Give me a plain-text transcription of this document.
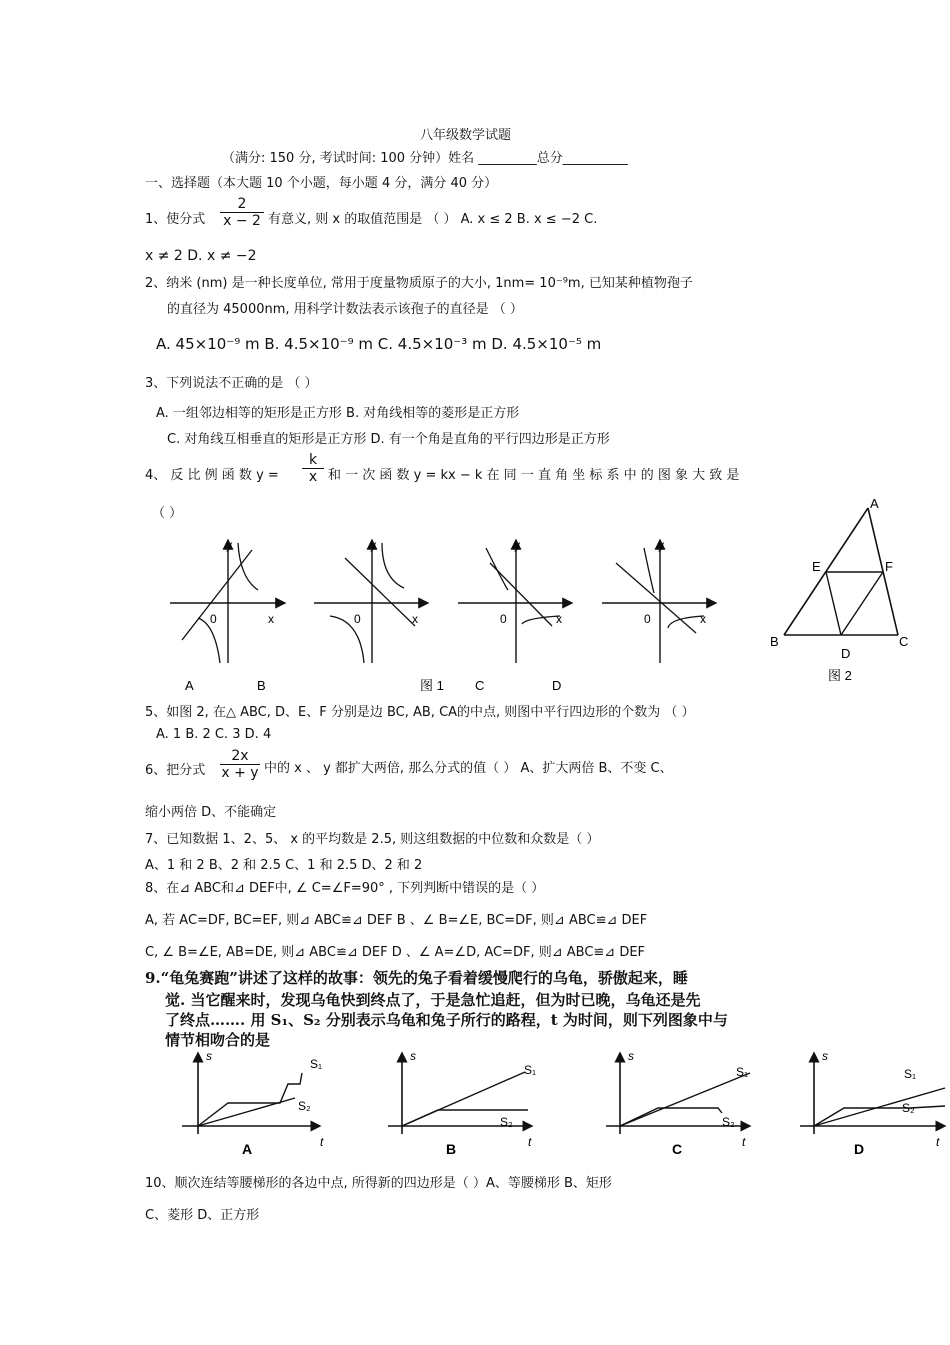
八年级数学试题
（满分: 150 分, 考试时间: 100 分钟）姓名 _________总分__________
一、选择题（本大题 10 个小题，每小题 4 分，满分 40 分）
1、使分式 $\frac{2}{x - 2}$ 有意义, 则 x 的取值范围是 （ ） A. x ≤ 2 B. x ≤ −2 C.
x ≠ 2 D. x ≠ −2
2、纳米 (nm) 是一种长度单位, 常用于度量物质原子的大小, 1nm= 10⁻⁹m, 已知某种植物孢子
的直径为 45000nm, 用科学计数法表示该孢子的直径是 （ ）
A. 45×10⁻⁹ m B. 4.5×10⁻⁹ m C. 4.5×10⁻³ m D. 4.5×10⁻⁵ m
3、下列说法不正确的是 （ ）
A. 一组邻边相等的矩形是正方形 B. 对角线相等的菱形是正方形
C. 对角线互相垂直的矩形是正方形 D. 有一个角是直角的平行四边形是正方形
4、 反 比 例 函 数 $y = \frac{k}{x}$ 和 一 次 函 数 y = kx − k 在 同 一 直 角 坐 标 系 中 的 图 象 大 致 是
（ ）
y
x
0
y
x
0
y
x
0
y
x
0
A	B	图 1 C	D
A
E	F
B
D
C
图 2
5、如图 2, 在△ ABC, D、E、F 分别是边 BC, AB, CA的中点, 则图中平行四边形的个数为 （ ）
A. 1 B. 2 C. 3 D. 4
6、把分式 $\frac{2x}{x + y}$ 中的 x 、 y 都扩大两倍, 那么分式的值（ ） A、扩大两倍 B、不变 C、
缩小两倍 D、不能确定
7、已知数据 1、2、5、 x 的平均数是 2.5, 则这组数据的中位数和众数是（ ）
A、1 和 2 B、2 和 2.5 C、1 和 2.5 D、2 和 2
8、在⊿ ABC和⊿ DEF中, ∠ C=∠F=90° , 下列判断中错误的是（ ）
A, 若 AC=DF, BC=EF, 则⊿ ABC≌⊿ DEF B 、∠ B=∠E, BC=DF, 则⊿ ABC≌⊿ DEF
C, ∠ B=∠E, AB=DE, 则⊿ ABC≌⊿ DEF D 、∠ A=∠D, AC=DF, 则⊿ ABC≌⊿ DEF
9.“龟兔赛跑”讲述了这样的故事：领先的兔子看着缓慢爬行的乌龟，骄傲起来，睡
觉. 当它醒来时，发现乌龟快到终点了，于是急忙追赶，但为时已晚，乌龟还是先
了终点……. 用 S₁、S₂ 分别表示乌龟和兔子所行的路程，t 为时间，则下列图象中与
情节相吻合的是
s
t
S₁
S₂
A
s
t
S₁
S₂
B
s
t
S₁
S₂
C
s
t
S₁
S₂
D
10、顺次连结等腰梯形的各边中点, 所得新的四边形是（ ）A、等腰梯形 B、矩形
C、菱形 D、正方形
